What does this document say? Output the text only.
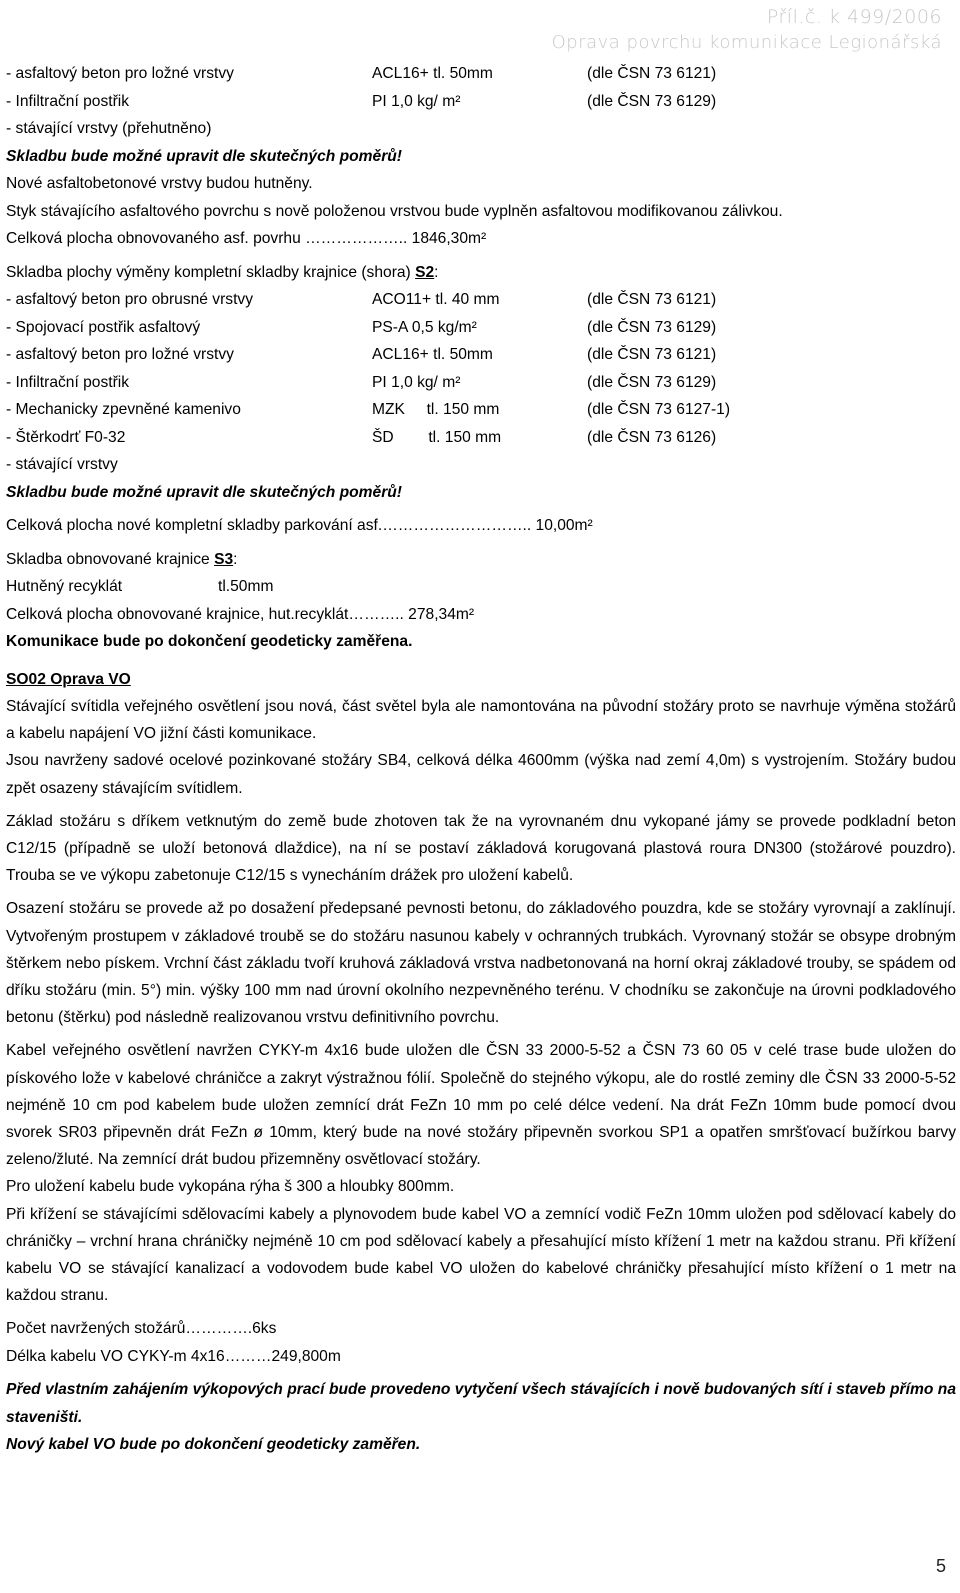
Příl.č. k 499/2006
Oprava povrchu komunikace Legionářská
- asfaltový beton pro ložné vrstvy	ACL16+ tl. 50mm	(dle ČSN 73 6121)
- Infiltrační postřik	PI 1,0 kg/ m²	(dle ČSN 73 6129)
- stávající vrstvy (přehutněno)
Skladbu bude možné upravit dle skutečných poměrů!
Nové asfaltobetonové vrstvy budou hutněny.
Styk stávajícího asfaltového povrchu s nově položenou vrstvou bude vyplněn asfaltovou modifikovanou zálivkou.
Celková plocha obnovovaného asf. povrhu ……………….. 1846,30m²
Skladba plochy výměny kompletní skladby krajnice (shora) S2:
- asfaltový beton pro obrusné vrstvy	ACO11+ tl. 40 mm	(dle ČSN 73 6121)
- Spojovací postřik asfaltový	PS-A 0,5 kg/m²	(dle ČSN 73 6129)
- asfaltový beton pro ložné vrstvy	ACL16+ tl. 50mm	(dle ČSN 73 6121)
- Infiltrační postřik	PI 1,0 kg/ m²	(dle ČSN 73 6129)
- Mechanicky zpevněné kamenivo	MZK     tl. 150 mm	(dle ČSN 73 6127-1)
- Štěrkodrť F0-32	ŠD        tl. 150 mm	(dle ČSN 73 6126)
- stávající vrstvy
Skladbu bude možné upravit dle skutečných poměrů!
Celková plocha nové kompletní skladby parkování asf.……………………….. 10,00m²
Skladba obnovované krajnice S3:
Hutněný recyklát	tl.50mm
Celková plocha obnovované krajnice, hut.recyklát……….. 278,34m²
Komunikace bude po dokončení geodeticky zaměřena.
SO02 Oprava VO
Stávající svítidla veřejného osvětlení jsou nová, část světel byla ale namontována na původní stožáry proto se navrhuje výměna stožárů a kabelu napájení VO jižní části komunikace.
Jsou navrženy sadové ocelové pozinkované stožáry SB4, celková délka 4600mm (výška nad zemí 4,0m) s vystrojením. Stožáry budou zpět osazeny stávajícím svítidlem.
Základ stožáru s dříkem vetknutým do země bude zhotoven tak že na vyrovnaném dnu vykopané jámy se provede podkladní beton C12/15 (případně se uloží betonová dlaždice), na ní se postaví základová korugovaná plastová roura DN300 (stožárové pouzdro). Trouba se ve výkopu zabetonuje C12/15 s vynecháním drážek pro uložení kabelů.
Osazení stožáru se provede až po dosažení předepsané pevnosti betonu, do základového pouzdra, kde se stožáry vyrovnají a zaklínují. Vytvořeným prostupem v základové troubě se do stožáru nasunou kabely v ochranných trubkách. Vyrovnaný stožár se obsype drobným štěrkem nebo pískem. Vrchní část základu tvoří kruhová základová vrstva nadbetonovaná na horní okraj základové trouby, se spádem od dříku stožáru (min. 5°) min. výšky 100 mm nad úrovní okolního nezpevněného terénu. V chodníku se zakončuje na úrovni podkladového betonu (štěrku) pod následně realizovanou vrstvu definitivního povrchu.
Kabel veřejného osvětlení navržen CYKY-m 4x16 bude uložen dle ČSN 33 2000-5-52 a ČSN 73 60 05 v celé trase bude uložen do pískového lože v kabelové chráničce a zakryt výstražnou fólií. Společně do stejného výkopu, ale do rostlé zeminy dle ČSN 33 2000-5-52 nejméně 10 cm pod kabelem bude uložen zemnící drát FeZn 10 mm po celé délce vedení. Na drát FeZn 10mm bude pomocí dvou svorek SR03 připevněn drát FeZn ø 10mm, který bude na nové stožáry připevněn svorkou SP1 a opatřen smršťovací bužírkou barvy zeleno/žluté. Na zemnící drát budou přizemněny osvětlovací stožáry.
Pro uložení kabelu bude vykopána rýha š 300 a hloubky 800mm.
Při křížení se stávajícími sdělovacími kabely a plynovodem bude kabel VO a zemnící vodič FeZn 10mm uložen pod sdělovací kabely do chráničky – vrchní hrana chráničky nejméně 10 cm pod sdělovací kabely a přesahující místo křížení 1 metr na každou stranu. Při křížení kabelu VO se stávající kanalizací a vodovodem bude kabel VO uložen do kabelové chráničky přesahující místo křížení o 1 metr na každou stranu.
Počet navržených stožárů………….6ks
Délka kabelu VO CYKY-m 4x16………249,800m
Před vlastním zahájením výkopových prací bude provedeno vytyčení všech stávajících i nově budovaných sítí i staveb přímo na staveništi.
Nový kabel VO bude po dokončení geodeticky zaměřen.
5
